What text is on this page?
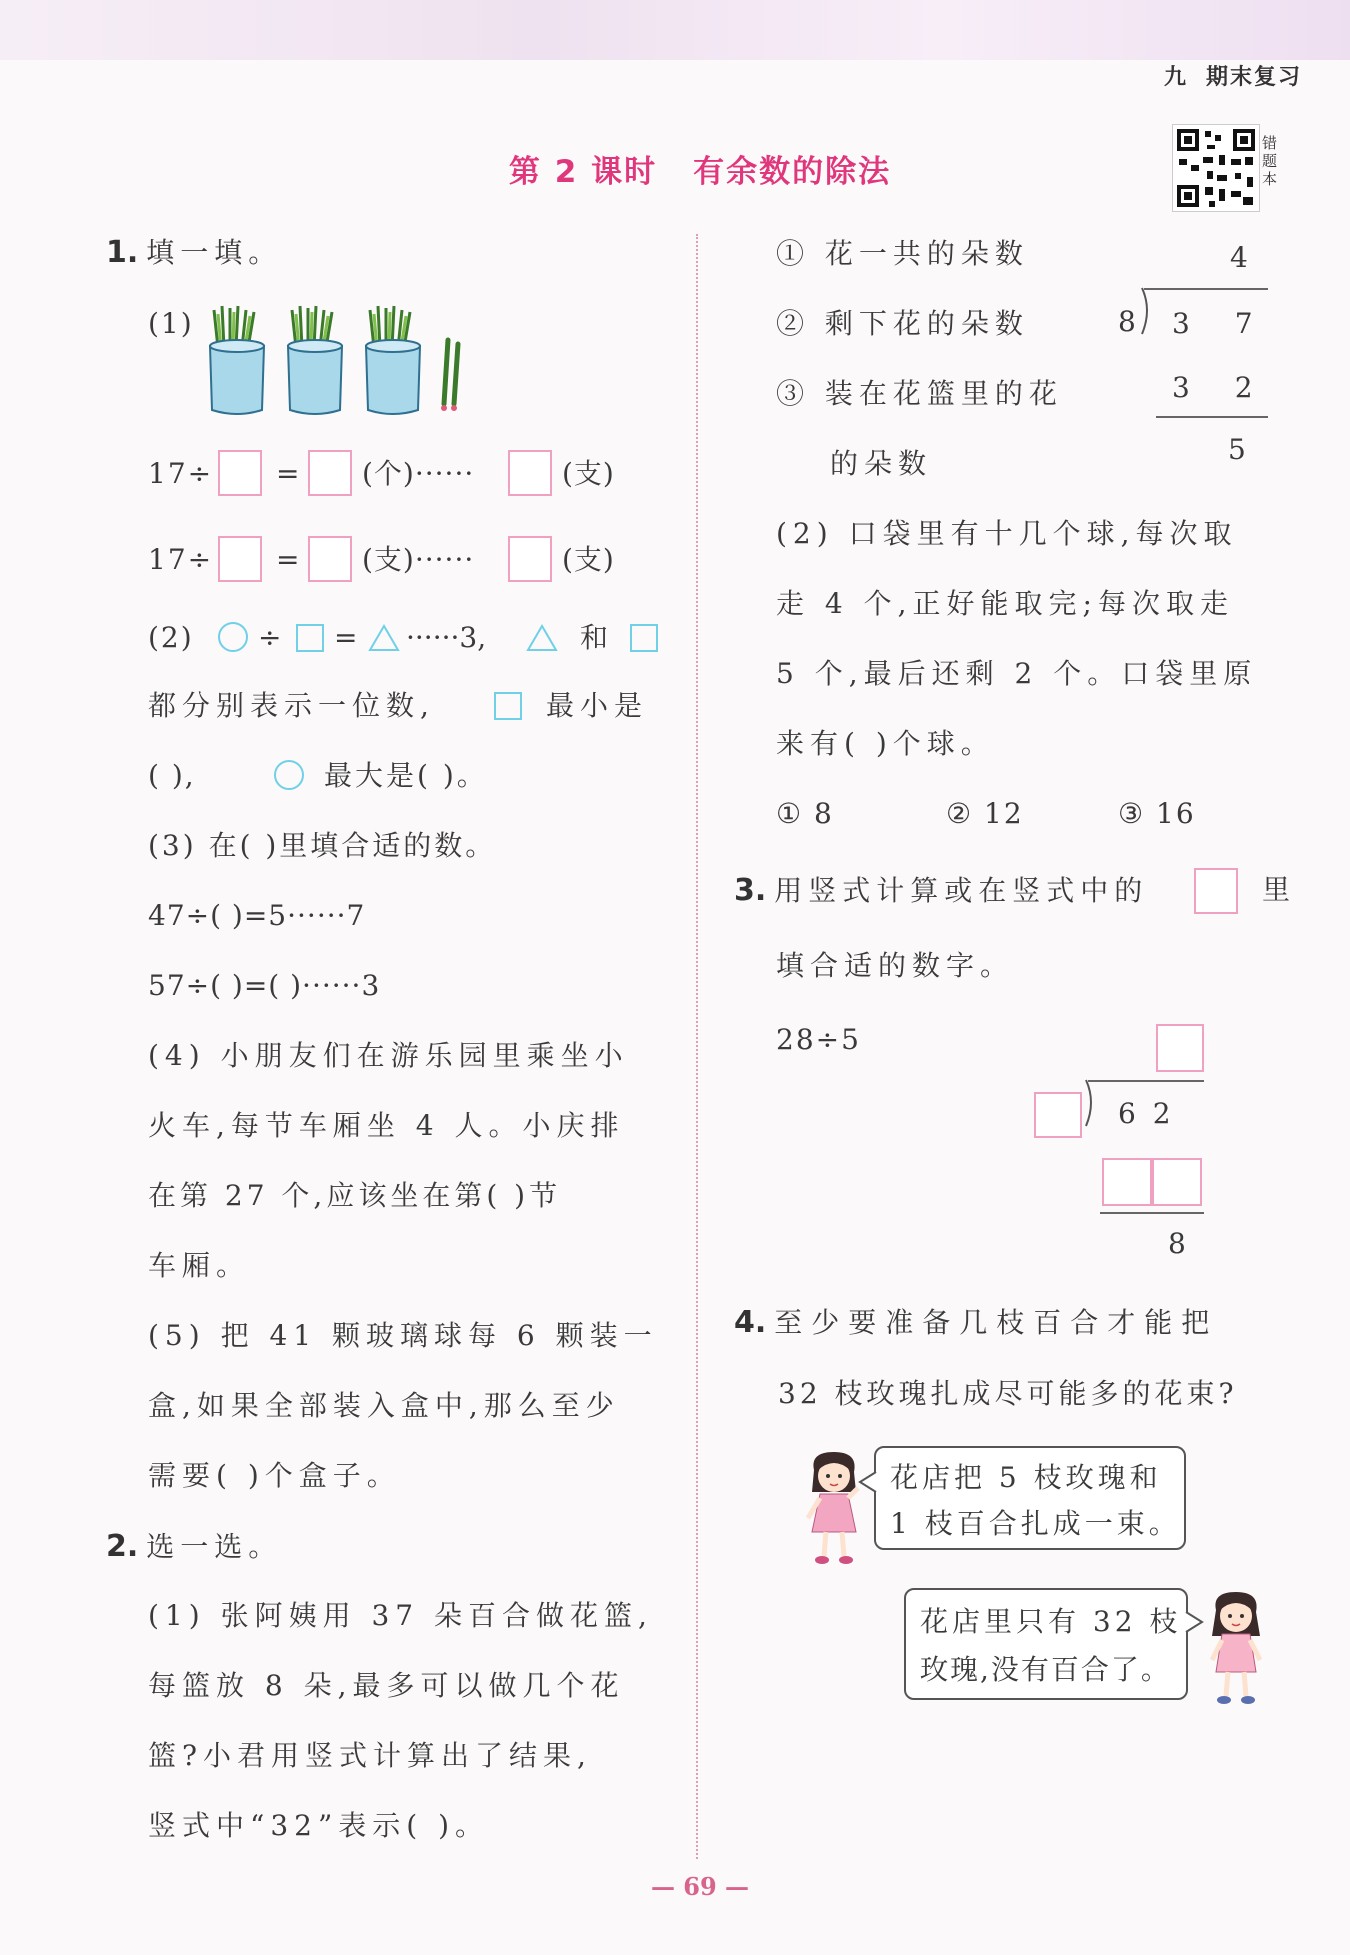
九 期末复习
第 2 课时 有余数的除法
错题本
1. 填一填。
(1)
17÷ = (个)······	(支)
17÷ = (支)······	(支)
(2) ÷ = ······3,	和
都分别表示一位数,	最小是
( ),	最大是( )。
(3) 在( )里填合适的数。
47÷( )=5······7
57÷( )=( )······3
(4) 小朋友们在游乐园里乘坐小
火车,每节车厢坐 4 人。小庆排
在第 27 个,应该坐在第( )节
车厢。
(5) 把 41 颗玻璃球每 6 颗装一
盒,如果全部装入盒中,那么至少
需要( )个盒子。
2. 选一选。
(1) 张阿姨用 37 朵百合做花篮,
每篮放 8 朵,最多可以做几个花
篮?小君用竖式计算出了结果,
竖式中“32”表示( )。
① 花一共的朵数
② 剩下花的朵数
③ 装在花篮里的花
的朵数
4
8 3 7
3 2
5
(2) 口袋里有十几个球,每次取
走 4 个,正好能取完;每次取走
5 个,最后还剩 2 个。口袋里原
来有( )个球。
① 8	② 12	③ 16
3. 用竖式计算或在竖式中的	里
填合适的数字。
28÷5
6 2
8
4. 至少要准备几枝百合才能把
32 枝玫瑰扎成尽可能多的花束?
花店把 5 枝玫瑰和
1 枝百合扎成一束。
花店里只有 32 枝
玫瑰,没有百合了。
— 69 —
